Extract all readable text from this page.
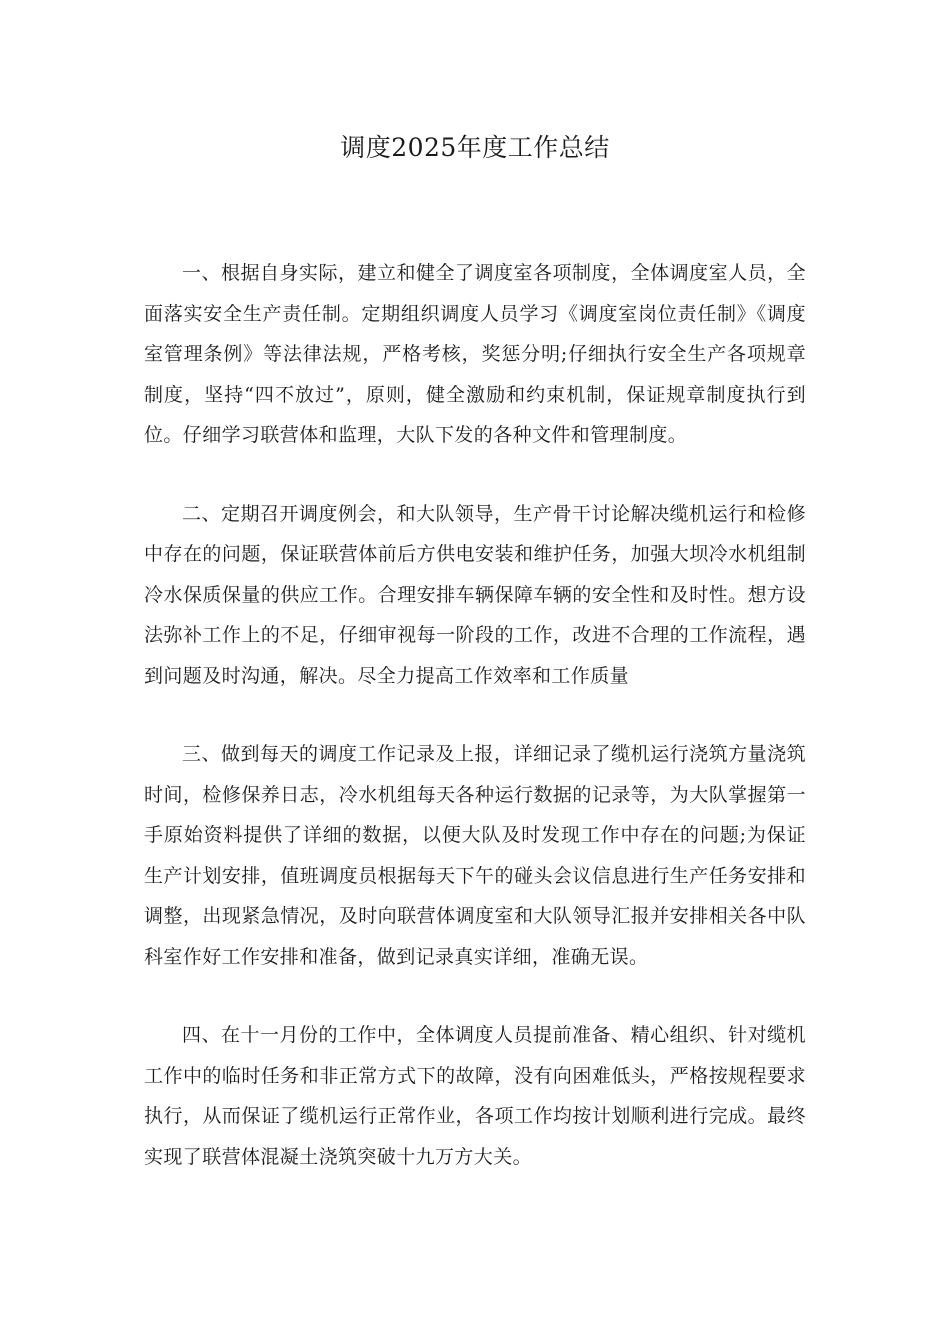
调度2025年度工作总结

一、根据自身实际，建立和健全了调度室各项制度，全体调度室人员，全面落实安全生产责任制。定期组织调度人员学习《调度室岗位责任制》《调度室管理条例》等法律法规，严格考核，奖惩分明;仔细执行安全生产各项规章制度，坚持“四不放过”，原则，健全激励和约束机制，保证规章制度执行到位。仔细学习联营体和监理，大队下发的各种文件和管理制度。

二、定期召开调度例会，和大队领导，生产骨干讨论解决缆机运行和检修中存在的问题，保证联营体前后方供电安装和维护任务，加强大坝冷水机组制冷水保质保量的供应工作。合理安排车辆保障车辆的安全性和及时性。想方设法弥补工作上的不足，仔细审视每一阶段的工作，改进不合理的工作流程，遇到问题及时沟通，解决。尽全力提高工作效率和工作质量

三、做到每天的调度工作记录及上报，详细记录了缆机运行浇筑方量浇筑时间，检修保养日志，冷水机组每天各种运行数据的记录等，为大队掌握第一手原始资料提供了详细的数据，以便大队及时发现工作中存在的问题;为保证生产计划安排，值班调度员根据每天下午的碰头会议信息进行生产任务安排和调整，出现紧急情况，及时向联营体调度室和大队领导汇报并安排相关各中队科室作好工作安排和准备，做到记录真实详细，准确无误。

四、在十一月份的工作中，全体调度人员提前准备、精心组织、针对缆机工作中的临时任务和非正常方式下的故障，没有向困难低头，严格按规程要求执行，从而保证了缆机运行正常作业，各项工作均按计划顺利进行完成。最终实现了联营体混凝土浇筑突破十九万方大关。
